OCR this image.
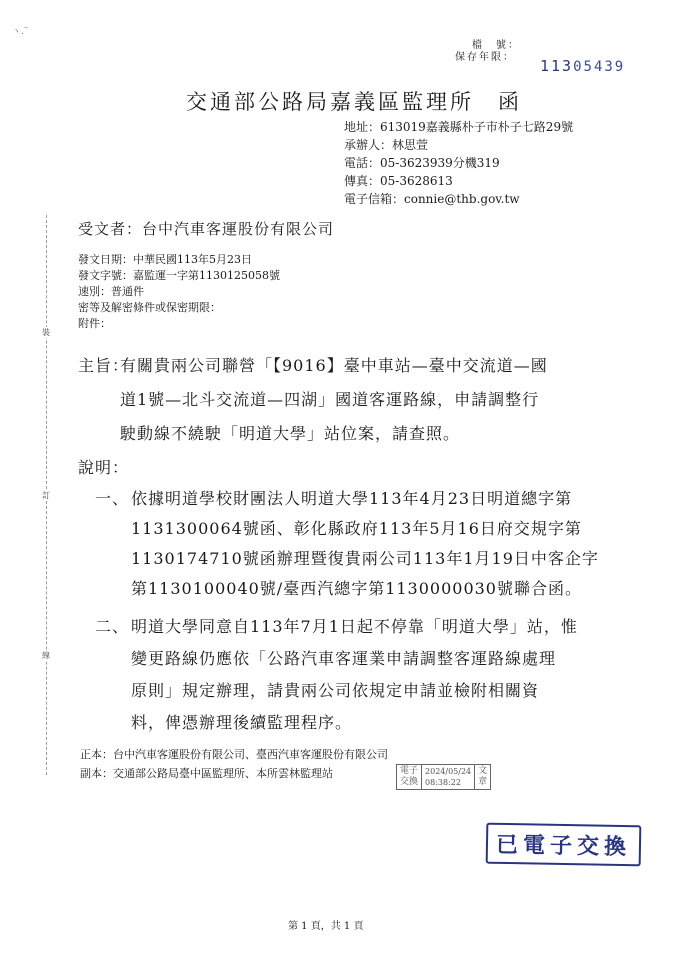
ヽ.¨
裝
訂
線
檔　號：
保存年限： 11305439
交通部公路局嘉義區監理所　函
地址：613019嘉義縣朴子市朴子七路29號
承辦人：林思萱
電話：05-3623939分機319
傳真：05-3628613
電子信箱：connie@thb.gov.tw
受文者：台中汽車客運股份有限公司
發文日期：中華民國113年5月23日
發文字號：嘉監運一字第1130125058號
速別：普通件
密等及解密條件或保密期限：
附件：
主旨：
有關貴兩公司聯營「【9016】臺中車站—臺中交流道—國
道1號—北斗交流道—四湖」國道客運路線，申請調整行
駛動線不繞駛「明道大學」站位案，請查照。
說明：
一、 依據明道學校財團法人明道大學113年4月23日明道總字第
1131300064號函、彰化縣政府113年5月16日府交規字第
1130174710號函辦理暨復貴兩公司113年1月19日中客企字
第1130100040號/臺西汽總字第1130000030號聯合函。
二、 明道大學同意自113年7月1日起不停靠「明道大學」站，惟
變更路線仍應依「公路汽車客運業申請調整客運路線處理
原則」規定辦理，請貴兩公司依規定申請並檢附相關資
料，俾憑辦理後續監理程序。
正本：台中汽車客運股份有限公司、臺西汽車客運股份有限公司
副本：交通部公路局臺中區監理所、本所雲林監理站	電子
交換
2024/05/24
08:38:22
文
章
已電子交換
第 1 頁，共 1 頁
